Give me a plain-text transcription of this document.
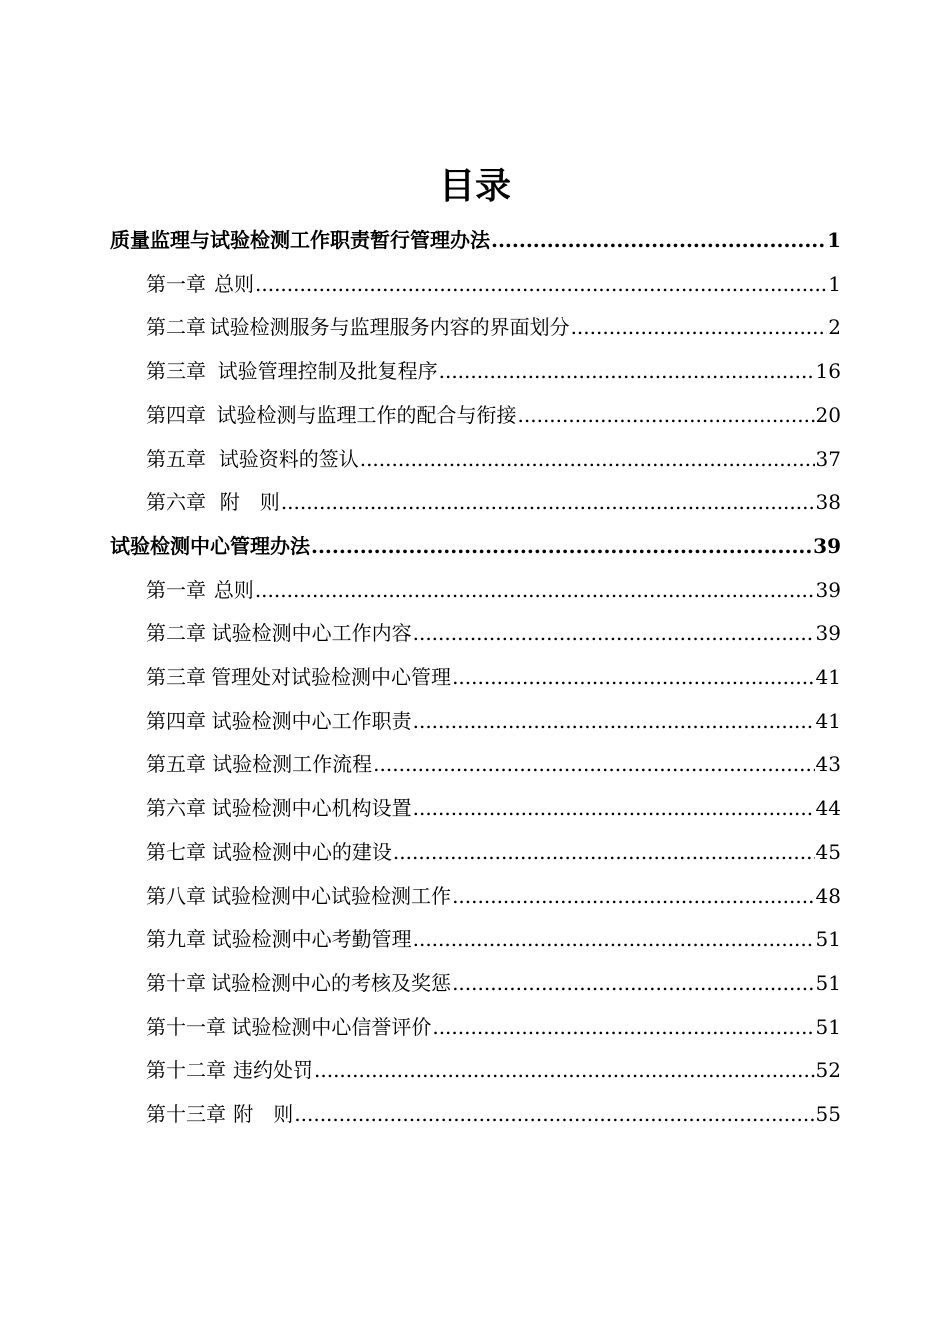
目录
质量监理与试验检测工作职责暂行管理办法 .....	1
第一章 总则 .....	1
第二章 试验检测服务与监理服务内容的界面划分 .....	2
第三章 试验管理控制及批复程序 .....	16
第四章 试验检测与监理工作的配合与衔接 .....	20
第五章 试验资料的签认 .....	37
第六章 附　则 .....	38
试验检测中心管理办法 .....	39
第一章 总则 .....	39
第二章 试验检测中心工作内容 .....	39
第三章 管理处对试验检测中心管理 .....	41
第四章 试验检测中心工作职责 .....	41
第五章 试验检测工作流程 .....	43
第六章 试验检测中心机构设置 .....	44
第七章 试验检测中心的建设 .....	45
第八章 试验检测中心试验检测工作 .....	48
第九章 试验检测中心考勤管理 .....	51
第十章 试验检测中心的考核及奖惩 .....	51
第十一章 试验检测中心信誉评价 .....	51
第十二章 违约处罚 .....	52
第十三章 附　则 .....	55
